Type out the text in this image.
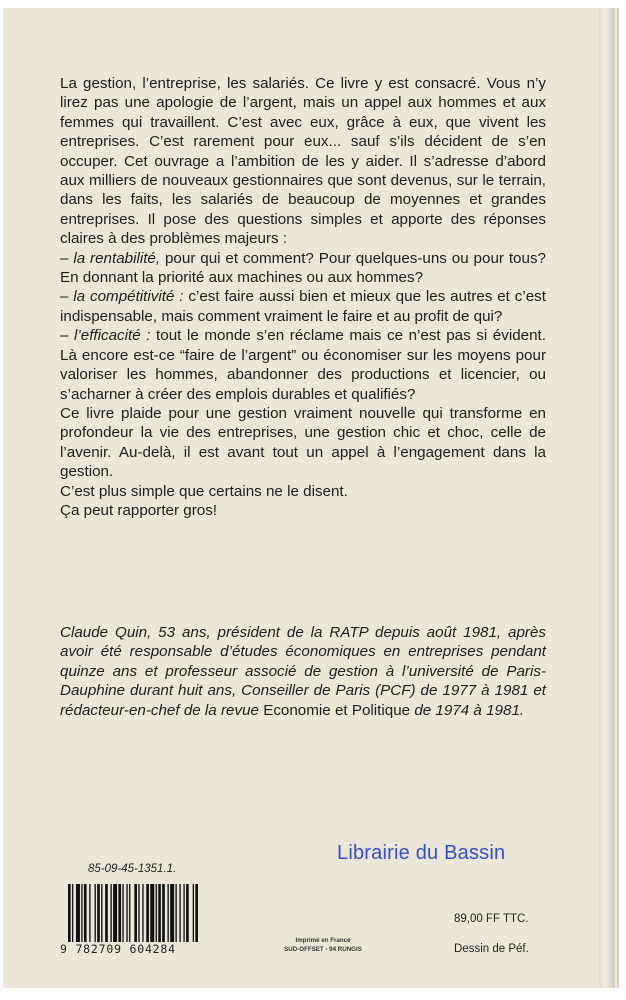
La gestion, l’entreprise, les salariés. Ce livre y est consacré. Vous n’y lirez pas une apologie de l’argent, mais un appel aux hommes et aux femmes qui travaillent. C’est avec eux, grâce à eux, que vivent les entreprises. C’est rarement pour eux... sauf s’ils décident de s’en occuper. Cet ouvrage a l’ambition de les y aider. Il s’adresse d’abord aux milliers de nouveaux gestionnaires que sont devenus, sur le terrain, dans les faits, les salariés de beaucoup de moyennes et grandes entreprises. Il pose des questions simples et apporte des réponses claires à des problèmes majeurs :

– la rentabilité, pour qui et comment? Pour quelques-uns ou pour tous? En donnant la priorité aux machines ou aux hommes?

– la compétitivité : c’est faire aussi bien et mieux que les autres et c’est indispensable, mais comment vraiment le faire et au profit de qui?

– l’efficacité : tout le monde s’en réclame mais ce n’est pas si évident. Là encore est-ce “faire de l’argent” ou économiser sur les moyens pour valoriser les hommes, abandonner des productions et licencier, ou s’acharner à créer des emplois durables et qualifiés?

Ce livre plaide pour une gestion vraiment nouvelle qui transforme en profondeur la vie des entreprises, une gestion chic et choc, celle de l’avenir. Au-delà, il est avant tout un appel à l’engagement dans la gestion.

C’est plus simple que certains ne le disent.

Ça peut rapporter gros!

Claude Quin, 53 ans, président de la RATP depuis août 1981, après avoir été responsable d’études économiques en entreprises pendant quinze ans et professeur associé de gestion à l’université de Paris-Dauphine durant huit ans, Conseiller de Paris (PCF) de 1977 à 1981 et rédacteur-en-chef de la revue Economie et Politique de 1974 à 1981.
Librairie du Bassin
85-09-45-1351.1.
9 782709 604284
Imprimé en France
SUD-OFFSET - 94 RUNGIS
89,00 FF TTC.
Dessin de Péf.
